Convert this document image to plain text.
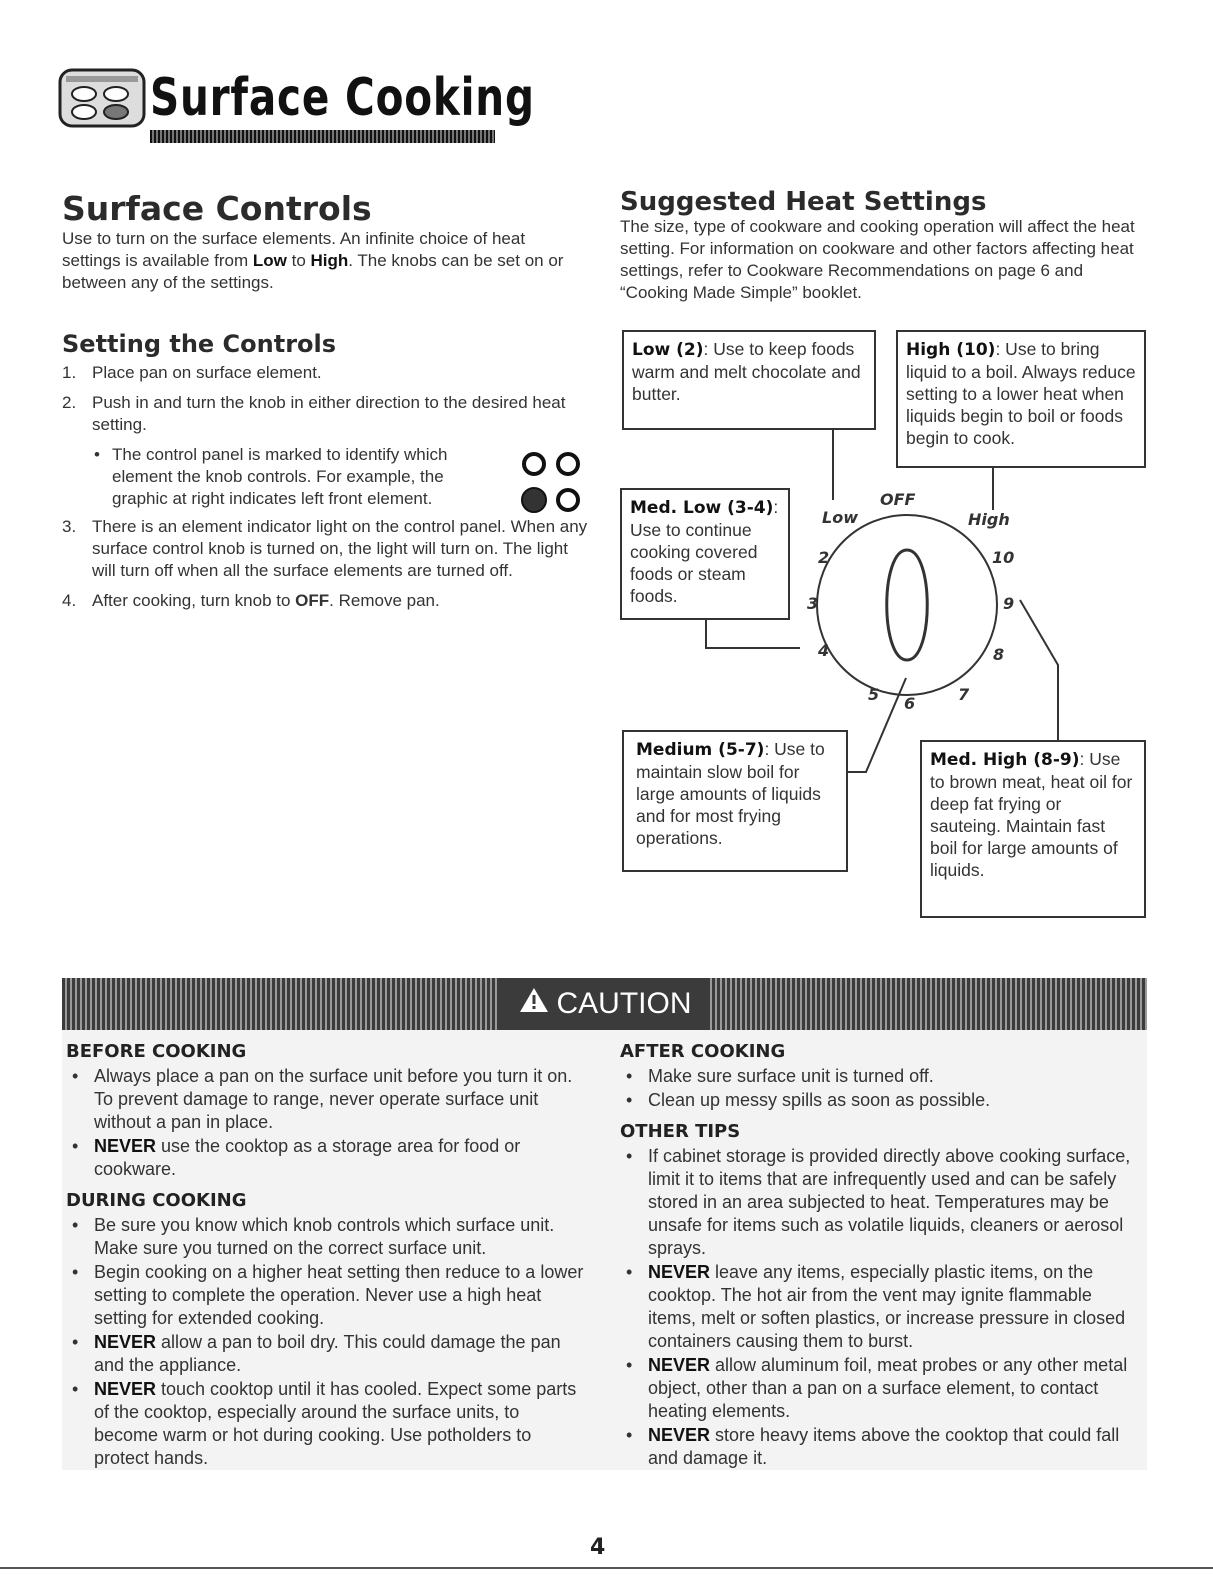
Surface Cooking
Surface Controls
Use to turn on the surface elements. An infinite choice of heat settings is available from Low to High. The knobs can be set on or between any of the settings.
Setting the Controls
1. Place pan on surface element.
2. Push in and turn the knob in either direction to the desired heat setting.
• The control panel is marked to identify which element the knob controls. For example, the graphic at right indicates left front element.
3. There is an element indicator light on the control panel. When any surface control knob is turned on, the light will turn on. The light will turn off when all the surface elements are turned off.
4. After cooking, turn knob to OFF. Remove pan.
Suggested Heat Settings
The size, type of cookware and cooking operation will affect the heat setting. For information on cookware and other factors affecting heat settings, refer to Cookware Recommendations on page 6 and “Cooking Made Simple” booklet.
OFF
Low	High
2
3
4
5 6	7
8
9
10
Low (2): Use to keep foods warm and melt chocolate and butter.
High (10): Use to bring liquid to a boil. Always reduce setting to a lower heat when liquids begin to boil or foods begin to cook.
Med. Low (3-4): Use to continue cooking covered foods or steam foods.
Medium (5-7): Use to maintain slow boil for large amounts of liquids and for most frying operations.
Med. High (8-9): Use to brown meat, heat oil for deep fat frying or sauteing. Maintain fast boil for large amounts of liquids.
CAUTION
BEFORE COOKING
• Always place a pan on the surface unit before you turn it on. To prevent damage to range, never operate surface unit without a pan in place.
• NEVER use the cooktop as a storage area for food or cookware.
DURING COOKING
• Be sure you know which knob controls which surface unit. Make sure you turned on the correct surface unit.
• Begin cooking on a higher heat setting then reduce to a lower setting to complete the operation. Never use a high heat setting for extended cooking.
• NEVER allow a pan to boil dry. This could damage the pan and the appliance.
• NEVER touch cooktop until it has cooled. Expect some parts of the cooktop, especially around the surface units, to become warm or hot during cooking. Use potholders to protect hands.
AFTER COOKING
• Make sure surface unit is turned off.
• Clean up messy spills as soon as possible.
OTHER TIPS
• If cabinet storage is provided directly above cooking surface, limit it to items that are infrequently used and can be safely stored in an area subjected to heat. Temperatures may be unsafe for items such as volatile liquids, cleaners or aerosol sprays.
• NEVER leave any items, especially plastic items, on the cooktop. The hot air from the vent may ignite flammable items, melt or soften plastics, or increase pressure in closed containers causing them to burst.
• NEVER allow aluminum foil, meat probes or any other metal object, other than a pan on a surface element, to contact heating elements.
• NEVER store heavy items above the cooktop that could fall and damage it.
4
